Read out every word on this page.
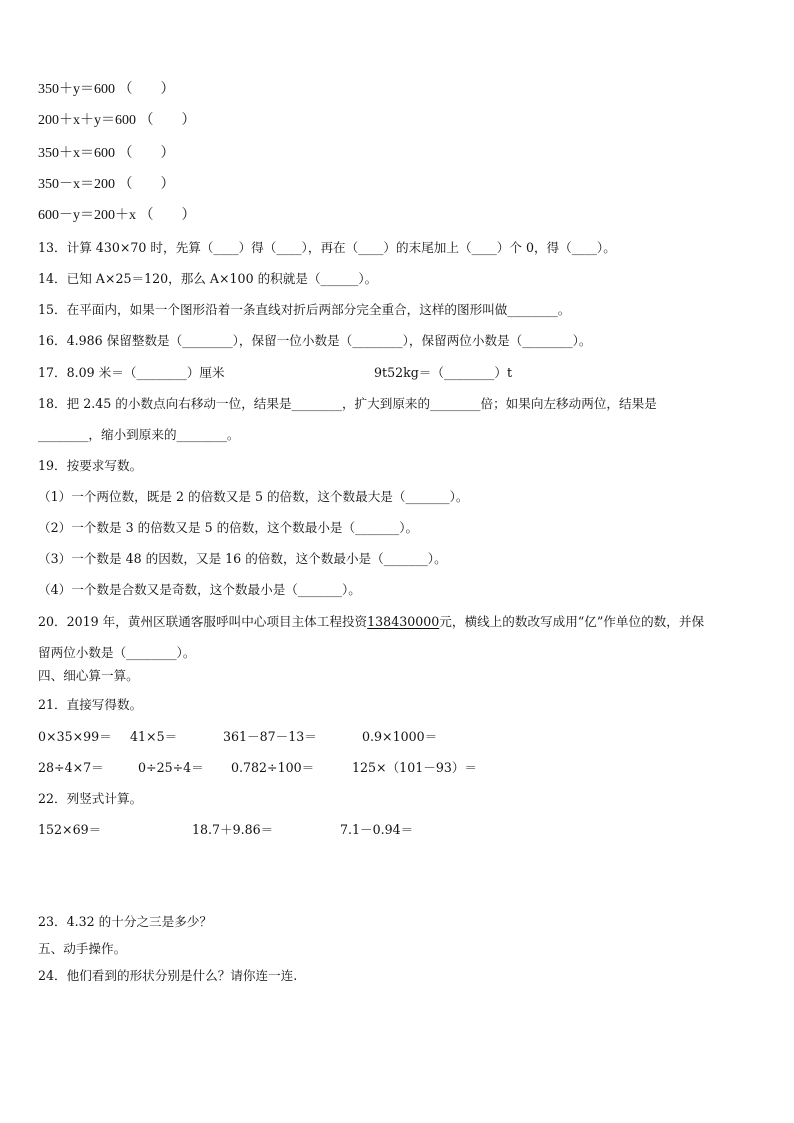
350＋y＝600 （　　）
200＋x＋y＝600 （　　）
350＋x＝600 （　　）
350－x＝200 （　　）
600－y＝200＋x （　　）
13．计算 430×70 时，先算（____）得（____），再在（____）的末尾加上（____）个 0，得（____）。
14．已知 A×25＝120，那么 A×100 的积就是（______）。
15．在平面内，如果一个图形沿着一条直线对折后两部分完全重合，这样的图形叫做________。
16．4.986 保留整数是（________），保留一位小数是（________），保留两位小数是（________）。
17．8.09 米＝（________）厘米	9t52kg＝（________）t
18．把 2.45 的小数点向右移动一位，结果是________，扩大到原来的________倍；如果向左移动两位，结果是
________，缩小到原来的________。
19．按要求写数。
（1）一个两位数，既是 2 的倍数又是 5 的倍数，这个数最大是（_______）。
（2）一个数是 3 的倍数又是 5 的倍数，这个数最小是（_______）。
（3）一个数是 48 的因数，又是 16 的倍数，这个数最小是（_______）。
（4）一个数是合数又是奇数，这个数最小是（_______）。
20．2019 年，黄州区联通客服呼叫中心项目主体工程投资138430000元，横线上的数改写成用“亿”作单位的数，并保
留两位小数是（________）。
四、细心算一算。
21．直接写得数。
0×35×99＝ 41×5＝	361－87－13＝	0.9×1000＝
28÷4×7＝	0÷25÷4＝ 0.782÷100＝	125×（101－93）＝
22．列竖式计算。
152×69＝	18.7＋9.86＝	7.1－0.94＝
23．4.32 的十分之三是多少？
五、动手操作。
24．他们看到的形状分别是什么？请你连一连.
